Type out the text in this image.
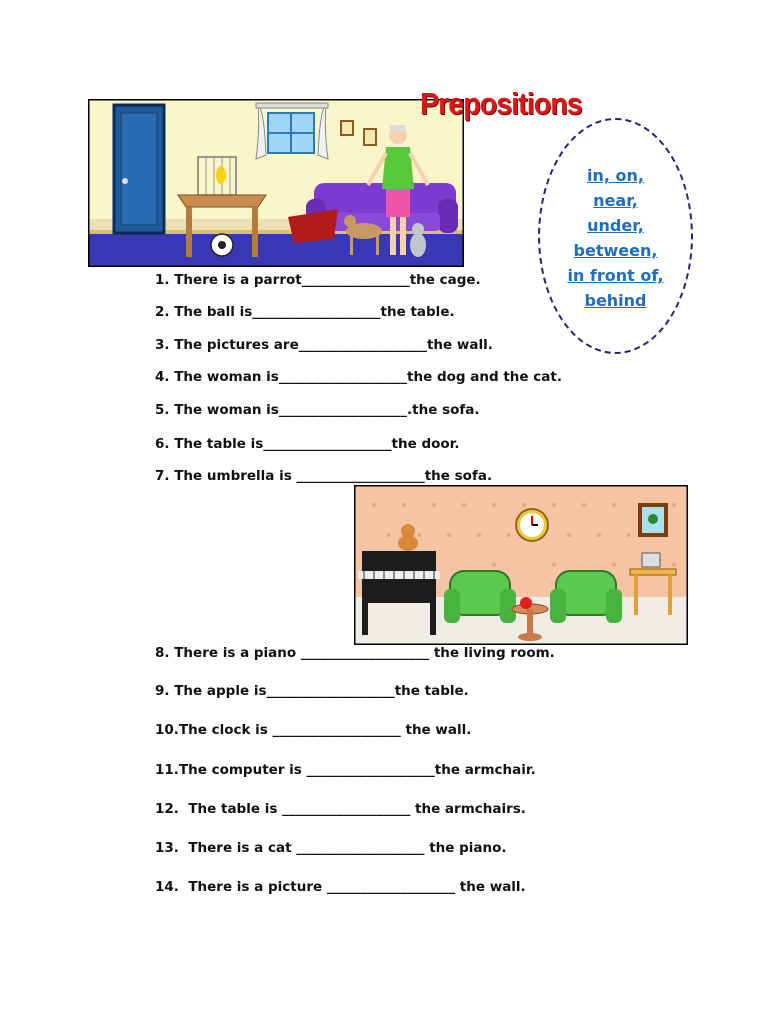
Prepositions
in, on,
near,
under,
between,
in front of,
behind
1. There is a parrot________________the cage.
2. The ball is___________________the table.
3. The pictures are___________________the wall.
4. The woman is___________________the dog and the cat.
5. The woman is___________________.the sofa.
6. The table is___________________the door.
7. The umbrella is ___________________the sofa.
8. There is a piano ___________________ the living room.
9. The apple is___________________the table.
10.The clock is ___________________ the wall.
11.The computer is ___________________the armchair.
12.  The table is ___________________ the armchairs.
13.  There is a cat ___________________ the piano.
14.  There is a picture ___________________ the wall.
